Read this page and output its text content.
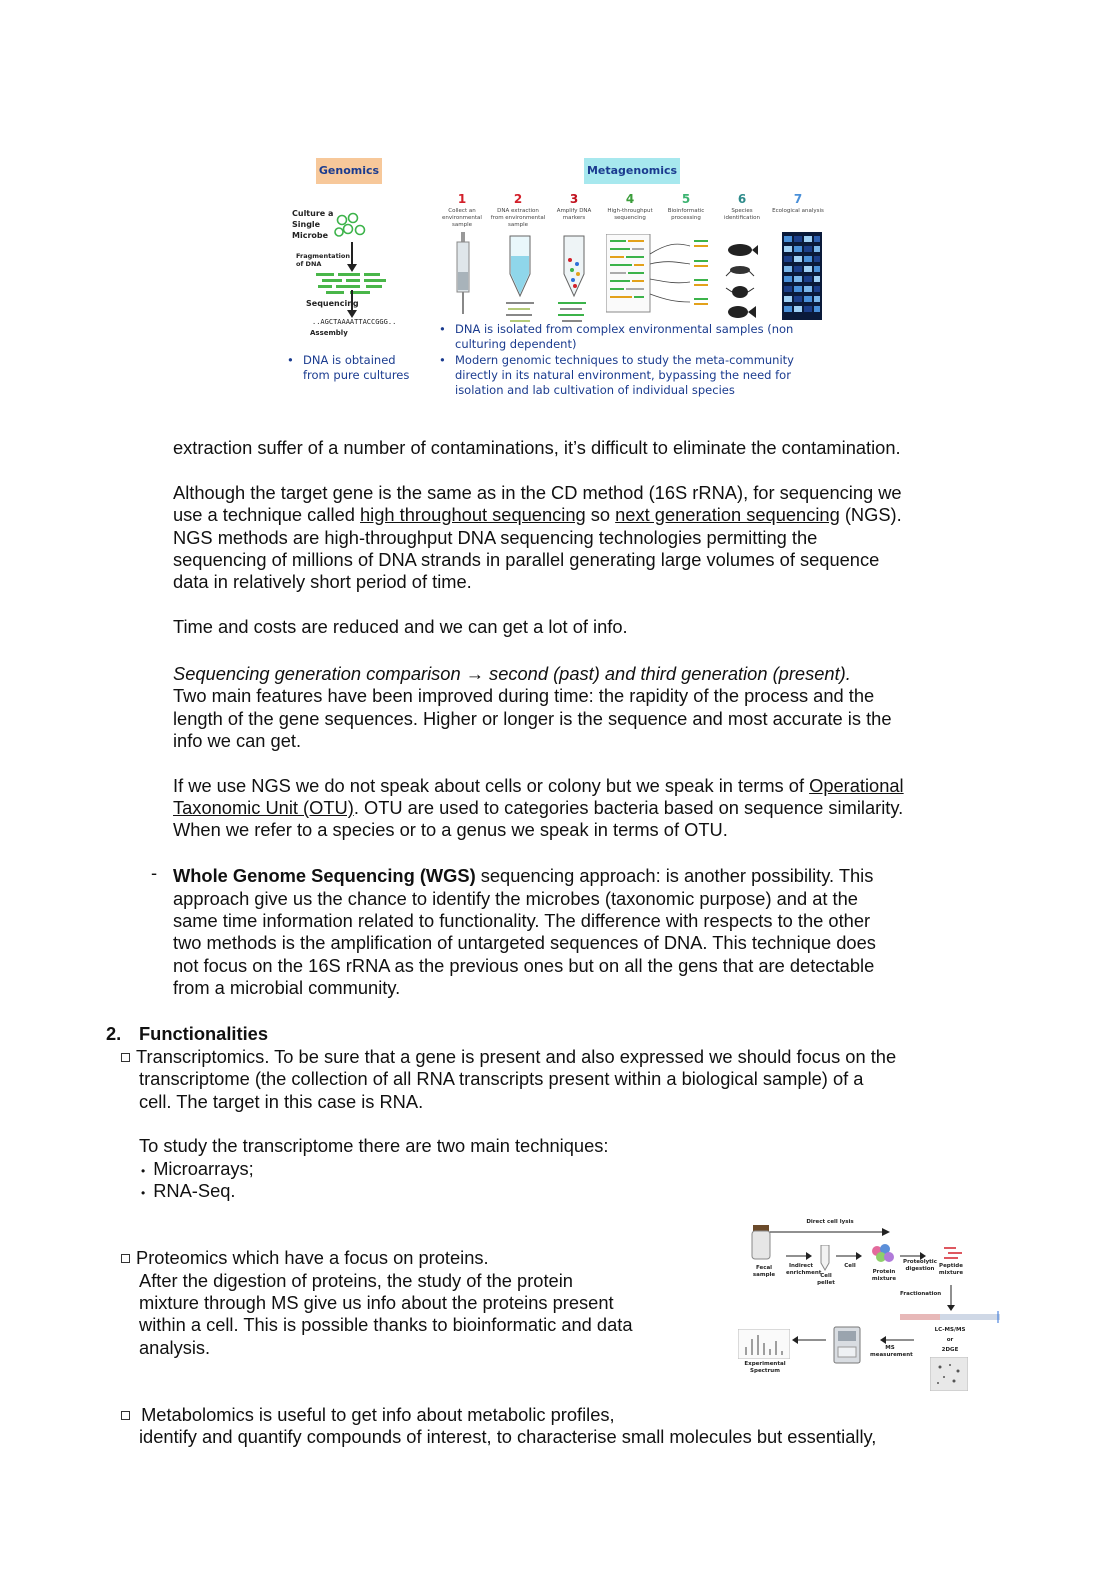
Genomics	Metagenomics
Culture a Single Microbe
Fragmentation of DNA
Sequencing
..AGCTAAAATTACCGGG..
Assembly
• DNA is obtained from pure cultures
1
Collect an environmental sample
2
DNA extraction from environmental sample
3
Amplify DNA markers
4
High-throughput sequencing
5
Bioinformatic processing
6
Species identification
7
Ecological analysis
• DNA is isolated from complex environmental samples (non culturing dependent)
• Modern genomic techniques to study the meta-community directly in its natural environment, bypassing the need for isolation and lab cultivation of individual species
extraction suffer of a number of contaminations, it’s difficult to eliminate the contamination.
Although the target gene is the same as in the CD method (16S rRNA), for sequencing we
use a technique called high throughout sequencing so next generation sequencing (NGS).
NGS methods are high-throughput DNA sequencing technologies permitting the
sequencing of millions of DNA strands in parallel generating large volumes of sequence
data in relatively short period of time.
Time and costs are reduced and we can get a lot of info.
Sequencing generation comparison → second (past) and third generation (present).
Two main features have been improved during time: the rapidity of the process and the
length of the gene sequences. Higher or longer is the sequence and most accurate is the
info we can get.
If we use NGS we do not speak about cells or colony but we speak in terms of Operational
Taxonomic Unit (OTU). OTU are used to categories bacteria based on sequence similarity.
When we refer to a species or to a genus we speak in terms of OTU.
- Whole Genome Sequencing (WGS) sequencing approach: is another possibility. This
approach give us the chance to identify the microbes (taxonomic purpose) and at the
same time information related to functionality. The difference with respects to the other
two methods is the amplification of untargeted sequences of DNA. This technique does
not focus on the 16S rRNA as the previous ones but on all the gens that are detectable
from a microbial community.
2. Functionalities
Transcriptomics. To be sure that a gene is present and also expressed we should focus on the
transcriptome (the collection of all RNA transcripts present within a biological sample) of a
cell. The target in this case is RNA.
To study the transcriptome there are two main techniques:
• Microarrays;
• RNA-Seq.
Proteomics which have a focus on proteins.
After the digestion of proteins, the study of the protein
mixture through MS give us info about the proteins present
within a cell. This is possible thanks to bioinformatic and data
analysis.
Metabolomics is useful to get info about metabolic profiles,
identify and quantify compounds of interest, to characterise small molecules but essentially,
Direct cell lysis
Fecal sample
Indirect enrichment
Cell pellet
Cell
Protein mixture
Proteolytic digestion Peptide mixture
Fractionation
LC-MS/MS
or
2DGE
MS measurement
Experimental Spectrum
